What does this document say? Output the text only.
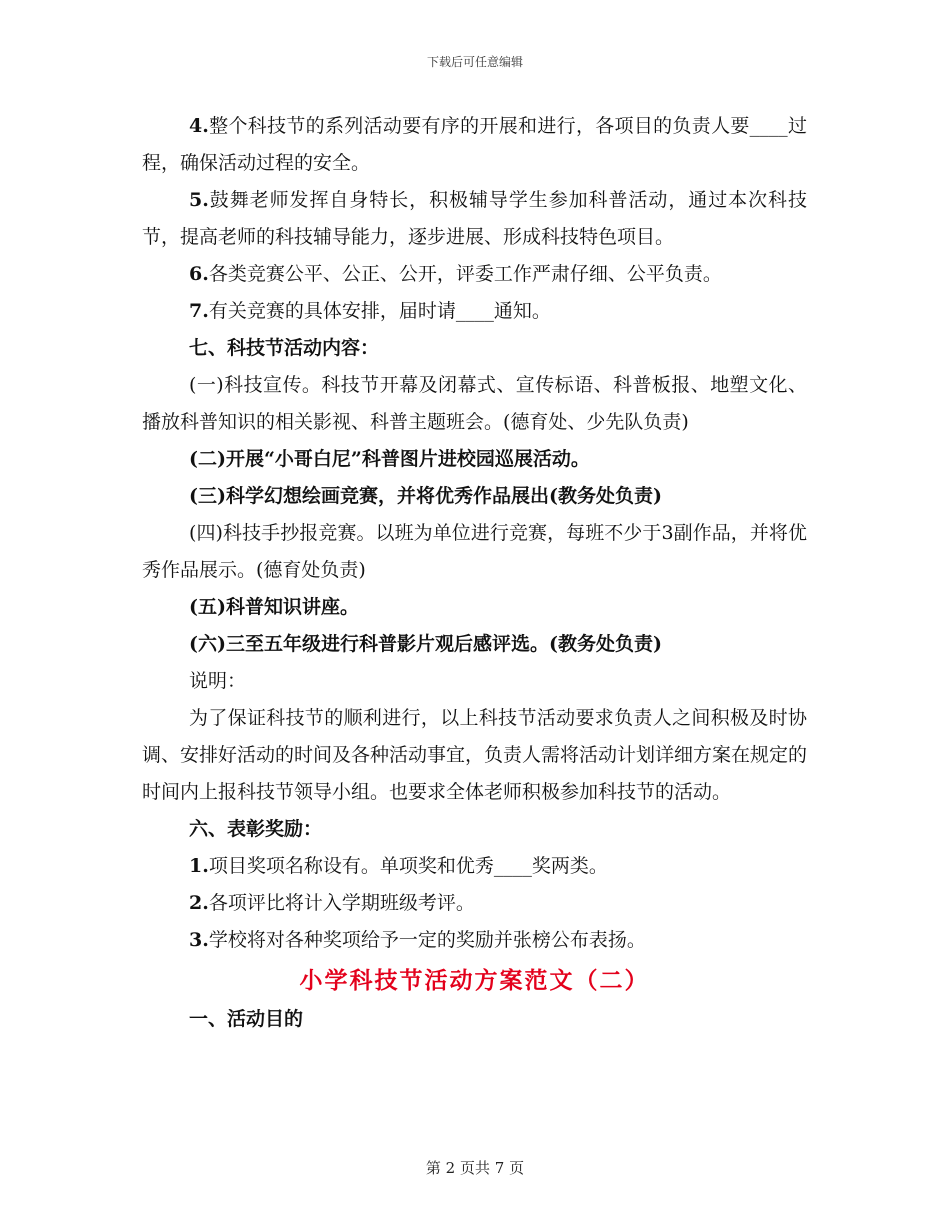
下载后可任意编辑

4.整个科技节的系列活动要有序的开展和进行，各项目的负责人要____过程，确保活动过程的安全。

5.鼓舞老师发挥自身特长，积极辅导学生参加科普活动，通过本次科技节，提高老师的科技辅导能力，逐步进展、形成科技特色项目。

6.各类竞赛公平、公正、公开，评委工作严肃仔细、公平负责。

7.有关竞赛的具体安排，届时请____通知。

七、科技节活动内容：

(一)科技宣传。科技节开幕及闭幕式、宣传标语、科普板报、地塑文化、播放科普知识的相关影视、科普主题班会。(德育处、少先队负责)

(二)开展“小哥白尼”科普图片进校园巡展活动。

(三)科学幻想绘画竞赛，并将优秀作品展出(教务处负责)

(四)科技手抄报竞赛。以班为单位进行竞赛，每班不少于3副作品，并将优秀作品展示。(德育处负责)

(五)科普知识讲座。

(六)三至五年级进行科普影片观后感评选。(教务处负责)

说明：

为了保证科技节的顺利进行，以上科技节活动要求负责人之间积极及时协调、安排好活动的时间及各种活动事宜，负责人需将活动计划详细方案在规定的时间内上报科技节领导小组。也要求全体老师积极参加科技节的活动。

六、表彰奖励：

1.项目奖项名称设有。单项奖和优秀____奖两类。

2.各项评比将计入学期班级考评。

3.学校将对各种奖项给予一定的奖励并张榜公布表扬。

小学科技节活动方案范文（二）

一、活动目的

第 2 页共 7 页
